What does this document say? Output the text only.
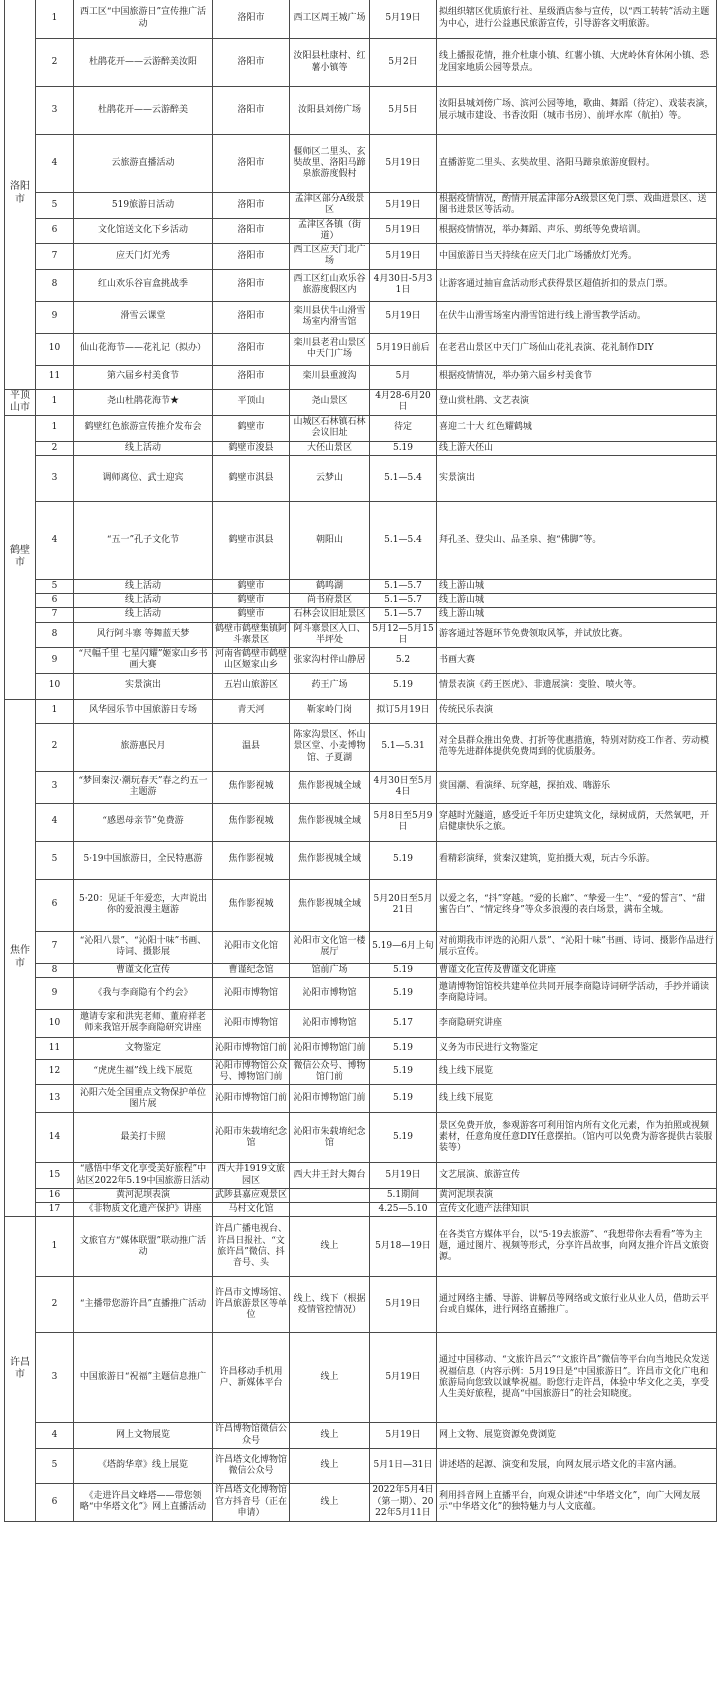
洛阳市	1	西工区“中国旅游日”宣传推广活动	洛阳市	西工区周王城广场	5月19日	拟组织辖区优质旅行社、星级酒店参与宣传，以“西工转转”活动主题为中心，进行公益惠民旅游宣传，引导游客文明旅游。
	2	杜鹃花开——云游醉美汝阳	洛阳市	汝阳县杜康村、红薯小镇等	5月2日	线上播报花情，推介杜康小镇、红薯小镇、大虎岭休育休闲小镇、恐龙国家地质公园等景点。
	3	杜鹃花开——云游醉美	洛阳市	汝阳县刘傍广场	5月5日	汝阳县城刘傍广场、滨河公园等地，歌曲、舞蹈（待定）、戏装表演，展示城市建设、书香汝阳（城市书房）、前坪水库（航拍）等。
	4	云旅游直播活动	洛阳市	偃师区二里头、玄奘故里、洛阳马蹄泉旅游度假村	5月19日	直播游览二里头、玄奘故里、洛阳马蹄泉旅游度假村。
	5	519旅游日活动	洛阳市	孟津区部分A级景区	5月19日	根据疫情情况，酌情开展孟津部分A级景区免门票、戏曲进景区、送图书进景区等活动。
	6	文化馆送文化下乡活动	洛阳市	孟津区各镇（街道）	5月19日	根据疫情情况，举办舞蹈、声乐、剪纸等免费培训。
	7	应天门灯光秀	洛阳市	西工区应天门北广场	5月19日	中国旅游日当天持续在应天门北广场播放灯光秀。
	8	红山欢乐谷盲盒挑战季	洛阳市	西工区红山欢乐谷旅游度假区内	4月30日-5月31日	让游客通过抽盲盒活动形式获得景区超值折扣的景点门票。
	9	滑雪云课堂	洛阳市	栾川县伏牛山滑雪场室内滑雪馆	5月19日	在伏牛山滑雪场室内滑雪馆进行线上滑雪教学活动。
	10	仙山花海节——花礼记（拟办）	洛阳市	栾川县老君山景区中天门广场	5月19日前后	在老君山景区中天门广场仙山花礼表演、花礼制作DIY
	11	第六届乡村美食节	洛阳市	栾川县重渡沟	5月	根据疫情情况，举办第六届乡村美食节
平顶山市	1	尧山杜鹃花海节★	平顶山	尧山景区	4月28-6月20日	登山赏杜鹃、文艺表演
鹤壁市	1	鹤壁红色旅游宣传推介发布会	鹤壁市	山城区石林镇石林会议旧址	待定	喜迎二十大 红色耀鹤城
	2	线上活动	鹤壁市浚县	大伾山景区	5.19	线上游大伾山
	3	调师离位、武士迎宾	鹤壁市淇县	云梦山	5.1—5.4	实景演出
	4	“五一”孔子文化节	鹤壁市淇县	朝阳山	5.1—5.4	拜孔圣、登尖山、品圣泉、抱“佛脚”等。
	5	线上活动	鹤壁市	鹤鸣湖	5.1—5.7	线上游山城
	6	线上活动	鹤壁市	尚书府景区	5.1—5.7	线上游山城
	7	线上活动	鹤壁市	石林会议旧址景区	5.1—5.7	线上游山城
	8	风行阿斗寨 等舞蓝天梦	鹤壁市鹤壁集镇阿斗寨景区	阿斗寨景区入口、半坪处	5月12—5月15日	游客通过答题环节免费领取风筝，并试放比赛。
	9	“尺幅千里 七星闪耀”姬家山乡书画大赛	河南省鹤壁市鹤壁山区姬家山乡	张家沟村伴山静居	5.2	书画大赛
	10	实景演出	五岩山旅游区	药王广场	5.19	情景表演《药王医虎》、非遗展演：变脸、喷火等。
焦作市	1	风华园乐节中国旅游日专场	青天河	靳家岭门岗	拟订5月19日	传统民乐表演
	2	旅游惠民月	温县	陈家沟景区、怀山景区堂、小麦博物馆、子夏湖	5.1—5.31	对全县群众推出免费、打折等优惠措施，特别对防疫工作者、劳动模范等先进群体提供免费周到的优质服务。
	3	“梦回秦汉·潮玩春天”春之约五一主题游	焦作影视城	焦作影视城全域	4月30日至5月4日	赏国潮、看演绎、玩穿越，探拍戏、嗨游乐
	4	“感恩母亲节”免费游	焦作影视城	焦作影视城全域	5月8日至5月9日	穿越时光隧道，感受近千年历史建筑文化，绿树成荫，天然氧吧，开启健康快乐之旅。
	5	5·19中国旅游日，全民特惠游	焦作影视城	焦作影视城全域	5.19	看精彩演绎，赏秦汉建筑，览拍摄大观，玩古今乐游。
	6	5·20：见证千年爱恋，大声说出你的爱浪漫主题游	焦作影视城	焦作影视城全域	5月20日至5月21日	以爱之名，“抖”穿越。“爱的长廊”、“挚爱一生”、“爱的誓言”、“甜蜜告白”、“情定终身”等众多浪漫的表白场景，满布全城。
	7	“沁阳八景”、“沁阳十味”书画、诗词、摄影展	沁阳市文化馆	沁阳市文化馆一楼展厅	5.19—6月上旬	对前期我市评选的沁阳八景”、“沁阳十味”书画、诗词、摄影作品进行展示宣传。
	8	曹谨文化宣传	曹谨纪念馆	馆前广场	5.19	曹谨文化宣传及曹谨文化讲座
	9	《我与李商隐有个约会》	沁阳市博物馆	沁阳市博物馆	5.19	邀请博物馆馆校共建单位共同开展李商隐诗词研学活动，手抄并诵读李商隐诗词。
	10	邀请专家和洪宪老师、董府祥老师来我馆开展李商隐研究讲座	沁阳市博物馆	沁阳市博物馆	5.17	李商隐研究讲座
	11	文物鉴定	沁阳市博物馆门前	沁阳市博物馆门前	5.19	义务为市民进行文物鉴定
	12	“虎虎生福”线上线下展览	沁阳市博物馆公众号、博物馆门前	微信公众号、博物馆门前	5.19	线上线下展览
	13	沁阳六处全国重点文物保护单位图片展	沁阳市博物馆门前	沁阳市博物馆门前	5.19	线上线下展览
	14	最美打卡照	沁阳市朱载堉纪念馆	沁阳市朱载堉纪念馆	5.19	景区免费开放，参观游客可利用馆内所有文化元素，作为拍照或视频素材，任意角度任意DIY任意摆拍。（馆内可以免费为游客提供古装服装等）
	15	“感悟中华文化享受美好旅程”中站区2022年5.19中国旅游日活动	西大井1919文旅园区	西大井王封大舞台	5月19日	文艺展演、旅游宣传
	16	黄河泥坝表演	武陟县嘉应观景区		5.1期间	黄河泥坝表演
	17	《非物质文化遗产保护》讲座	马村文化馆		4.25—5.10	宣传文化遗产法律知识
许昌市	1	文旅官方“媒体联盟”联动推广活动	许昌广播电视台、许昌日报社、“文旅许昌”微信、抖音号、头	线上	5月18—19日	在各类官方媒体平台，以“5·19去旅游”、“我想带你去看看”等为主题，通过图片、视频等形式，分享许昌故事，向网友推介许昌文旅资源。
	2	“主播带您游许昌”直播推广活动	许昌市文博场馆、许昌旅游景区等单位	线上、线下（根据疫情管控情况）	5月19日	通过网络主播、导游、讲解员等网络或文旅行业从业人员，借助云平台或自媒体，进行网络直播推广。
	3	中国旅游日“祝福”主题信息推广	许昌移动手机用户、新媒体平台	线上	5月19日	通过中国移动、“文旅许昌云”“文旅许昌”微信等平台向当地民众发送祝福信息（内容示例：5月19日是“中国旅游日”。许昌市文化广电和旅游局向您致以诚挚祝福。盼您行走许昌，体验中华文化之美，享受人生美好旅程，提高“中国旅游日”的社会知晓度。
	4	网上文物展览	许昌博物馆微信公众号	线上	5月19日	网上文物、展览资源免费浏览
	5	《塔韵华章》线上展览	许昌塔文化博物馆微信公众号	线上	5月1日—31日	讲述塔的起源、演变和发展，向网友展示塔文化的丰富内涵。
	6	《走进许昌文峰塔——带您领略“中华塔文化”》网上直播活动	许昌塔文化博物馆官方抖音号（正在申请）	线上	2022年5月4日（第一期）、2022年5月11日	利用抖音网上直播平台，向观众讲述“中华塔文化”，向广大网友展示“中华塔文化”的独特魅力与人文底蕴。
